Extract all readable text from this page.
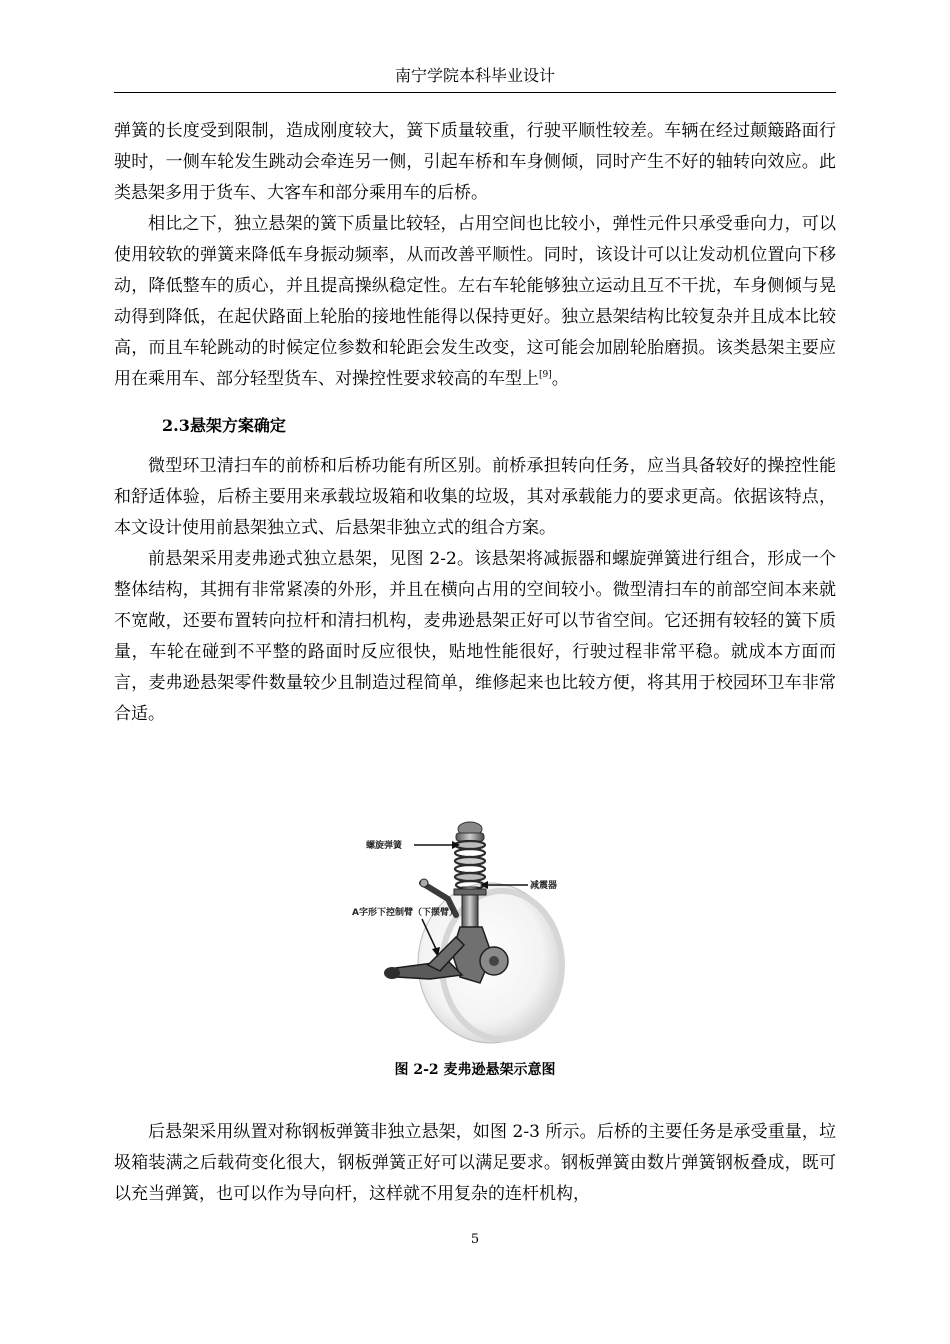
南宁学院本科毕业设计

弹簧的长度受到限制，造成刚度较大，簧下质量较重，行驶平顺性较差。车辆在经过颠簸路面行驶时，一侧车轮发生跳动会牵连另一侧，引起车桥和车身侧倾，同时产生不好的轴转向效应。此类悬架多用于货车、大客车和部分乘用车的后桥。

相比之下，独立悬架的簧下质量比较轻，占用空间也比较小，弹性元件只承受垂向力，可以使用较软的弹簧来降低车身振动频率，从而改善平顺性。同时，该设计可以让发动机位置向下移动，降低整车的质心，并且提高操纵稳定性。左右车轮能够独立运动且互不干扰，车身侧倾与晃动得到降低，在起伏路面上轮胎的接地性能得以保持更好。独立悬架结构比较复杂并且成本比较高，而且车轮跳动的时候定位参数和轮距会发生改变，这可能会加剧轮胎磨损。该类悬架主要应用在乘用车、部分轻型货车、对操控性要求较高的车型上[9]。

2.3悬架方案确定

微型环卫清扫车的前桥和后桥功能有所区别。前桥承担转向任务，应当具备较好的操控性能和舒适体验，后桥主要用来承载垃圾箱和收集的垃圾，其对承载能力的要求更高。依据该特点，本文设计使用前悬架独立式、后悬架非独立式的组合方案。

前悬架采用麦弗逊式独立悬架，见图 2-2。该悬架将减振器和螺旋弹簧进行组合，形成一个整体结构，其拥有非常紧凑的外形，并且在横向占用的空间较小。微型清扫车的前部空间本来就不宽敞，还要布置转向拉杆和清扫机构，麦弗逊悬架正好可以节省空间。它还拥有较轻的簧下质量，车轮在碰到不平整的路面时反应很快，贴地性能很好，行驶过程非常平稳。就成本方面而言，麦弗逊悬架零件数量较少且制造过程简单，维修起来也比较方便，将其用于校园环卫车非常合适。

螺旋弹簧
减震器
A字形下控制臂（下摆臂）
图 2-2 麦弗逊悬架示意图

后悬架采用纵置对称钢板弹簧非独立悬架，如图 2-3 所示。后桥的主要任务是承受重量，垃圾箱装满之后载荷变化很大，钢板弹簧正好可以满足要求。钢板弹簧由数片弹簧钢板叠成，既可以充当弹簧，也可以作为导向杆，这样就不用复杂的连杆机构，

5
